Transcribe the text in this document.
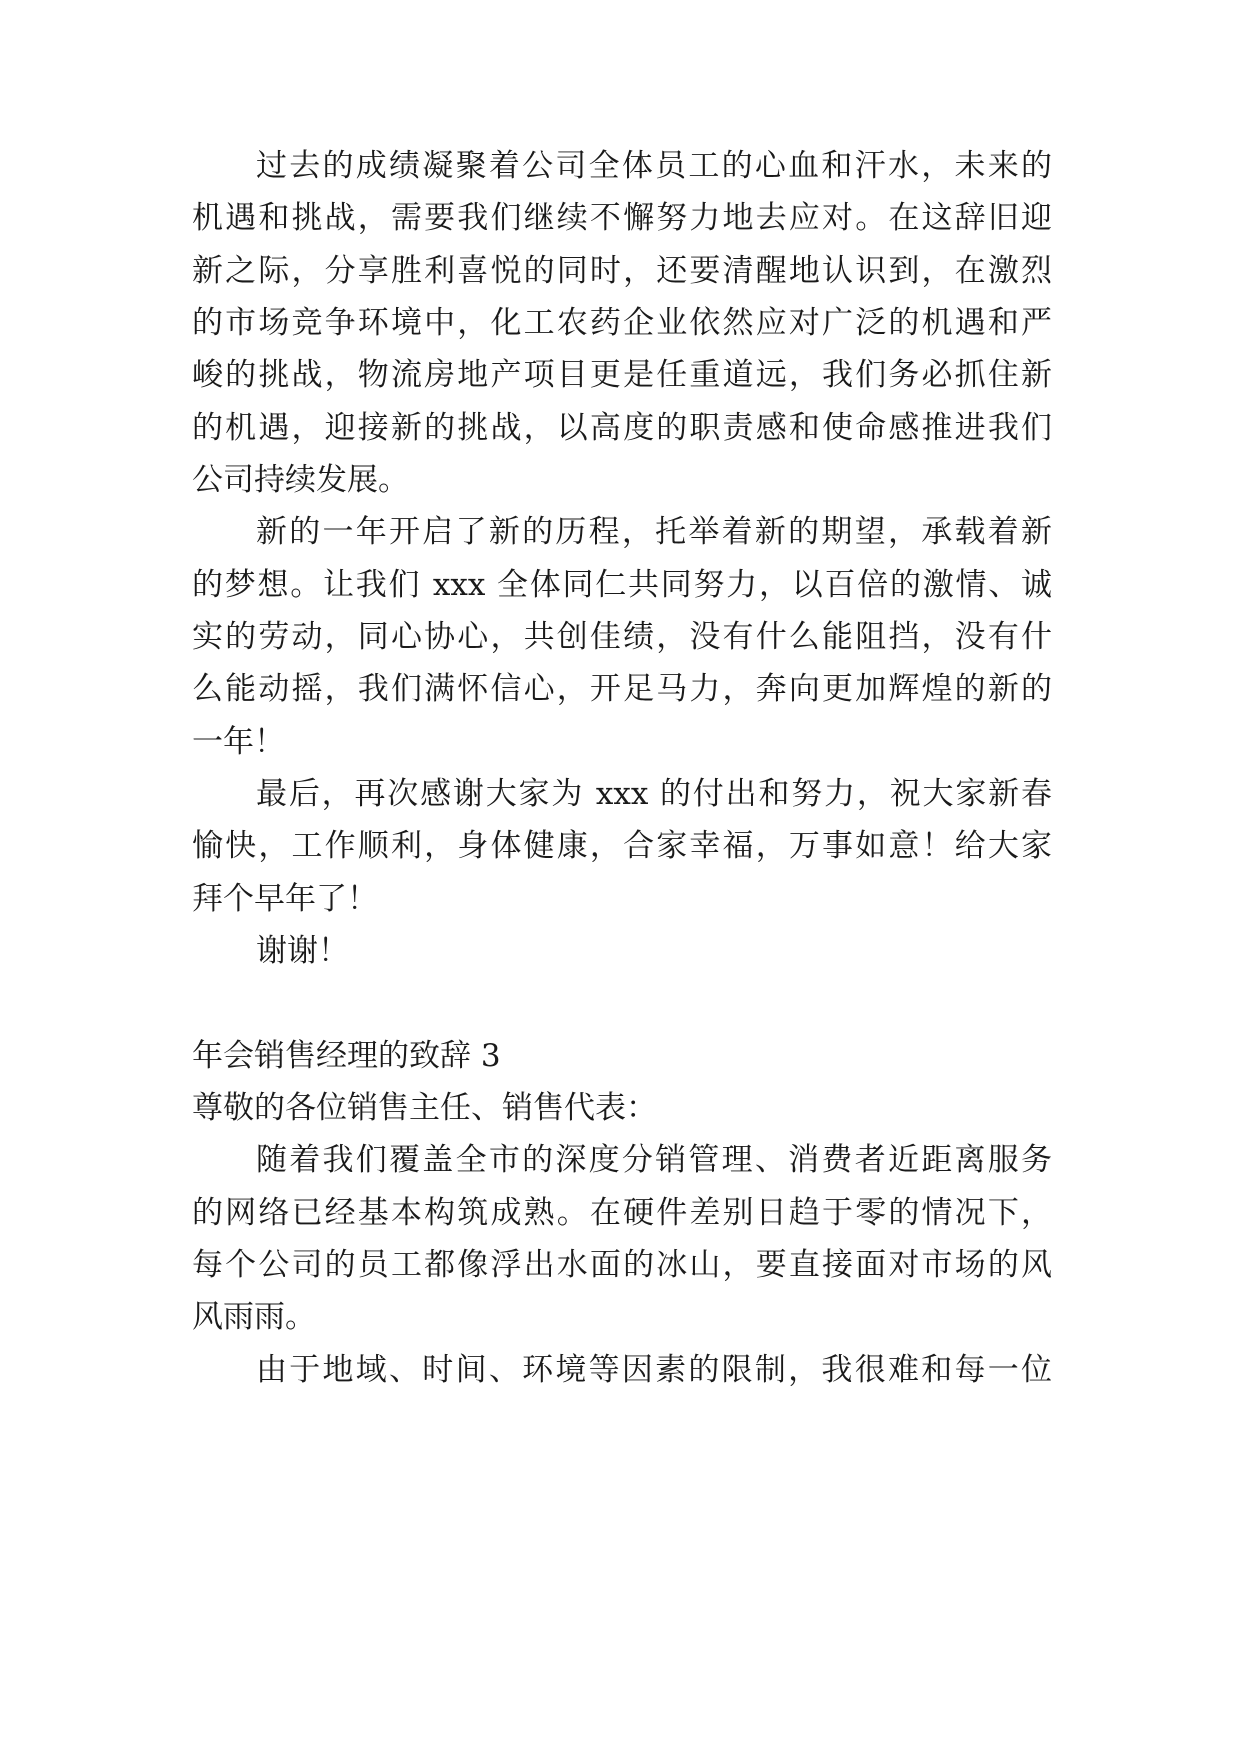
过去的成绩凝聚着公司全体员工的心血和汗水，未来的
机遇和挑战，需要我们继续不懈努力地去应对。在这辞旧迎
新之际，分享胜利喜悦的同时，还要清醒地认识到，在激烈
的市场竞争环境中，化工农药企业依然应对广泛的机遇和严
峻的挑战，物流房地产项目更是任重道远，我们务必抓住新
的机遇，迎接新的挑战，以高度的职责感和使命感推进我们
公司持续发展。
新的一年开启了新的历程，托举着新的期望，承载着新
的梦想。让我们 xxx 全体同仁共同努力，以百倍的激情、诚
实的劳动，同心协心，共创佳绩，没有什么能阻挡，没有什
么能动摇，我们满怀信心，开足马力，奔向更加辉煌的新的
一年！
最后，再次感谢大家为 xxx 的付出和努力，祝大家新春
愉快，工作顺利，身体健康，合家幸福，万事如意！给大家
拜个早年了！
谢谢！
年会销售经理的致辞 3
尊敬的各位销售主任、销售代表：
随着我们覆盖全市的深度分销管理、消费者近距离服务
的网络已经基本构筑成熟。在硬件差别日趋于零的情况下，
每个公司的员工都像浮出水面的冰山，要直接面对市场的风
风雨雨。
由于地域、时间、环境等因素的限制，我很难和每一位
